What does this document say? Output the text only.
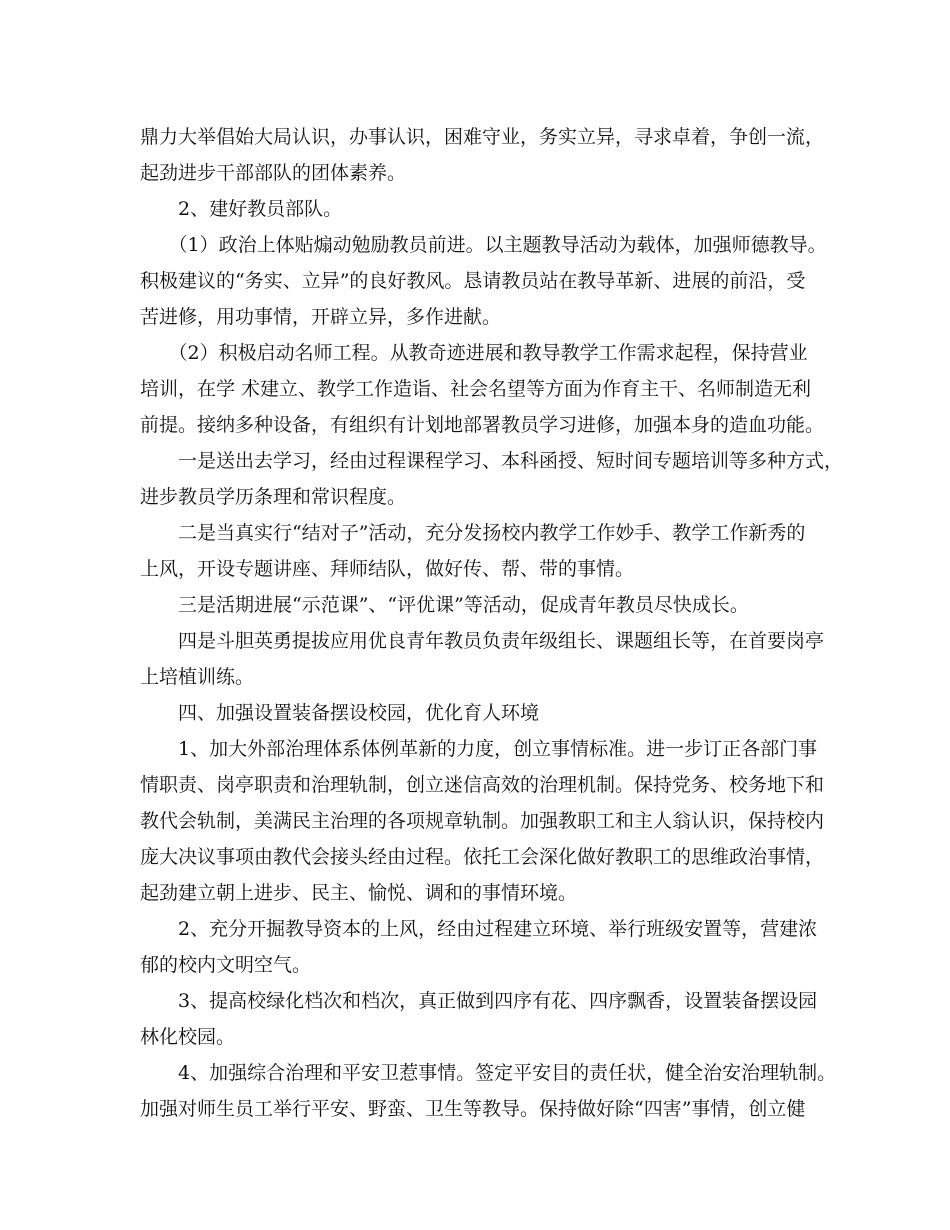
鼎力大举倡始大局认识，办事认识，困难守业，务实立异，寻求卓着，争创一流，
起劲进步干部部队的团体素养。
　　2、建好教员部队。
　　（1）政治上体贴煽动勉励教员前进。以主题教导活动为载体，加强师德教导。
积极建议的“务实、立异”的良好教风。恳请教员站在教导革新、进展的前沿，受
苦进修，用功事情，开辟立异，多作进献。
　　（2）积极启动名师工程。从教奇迹进展和教导教学工作需求起程，保持营业
培训，在学 术建立、教学工作造诣、社会名望等方面为作育主干、名师制造无利
前提。接纳多种设备，有组织有计划地部署教员学习进修，加强本身的造血功能。
　　一是送出去学习，经由过程课程学习、本科函授、短时间专题培训等多种方式，
进步教员学历条理和常识程度。
　　二是当真实行“结对子”活动，充分发扬校内教学工作妙手、教学工作新秀的
上风，开设专题讲座、拜师结队，做好传、帮、带的事情。
　　三是活期进展“示范课”、“评优课”等活动，促成青年教员尽快成长。
　　四是斗胆英勇提拔应用优良青年教员负责年级组长、课题组长等，在首要岗亭
上培植训练。
　　四、加强设置装备摆设校园，优化育人环境
　　1、加大外部治理体系体例革新的力度，创立事情标准。进一步订正各部门事
情职责、岗亭职责和治理轨制，创立迷信高效的治理机制。保持党务、校务地下和
教代会轨制，美满民主治理的各项规章轨制。加强教职工和主人翁认识，保持校内
庞大决议事项由教代会接头经由过程。依托工会深化做好教职工的思维政治事情，
起劲建立朝上进步、民主、愉悦、调和的事情环境。
　　2、充分开掘教导资本的上风，经由过程建立环境、举行班级安置等，营建浓
郁的校内文明空气。
　　3、提高校绿化档次和档次，真正做到四序有花、四序飘香，设置装备摆设园
林化校园。
　　4、加强综合治理和平安卫惹事情。签定平安目的责任状，健全治安治理轨制。
加强对师生员工举行平安、野蛮、卫生等教导。保持做好除“四害”事情，创立健
